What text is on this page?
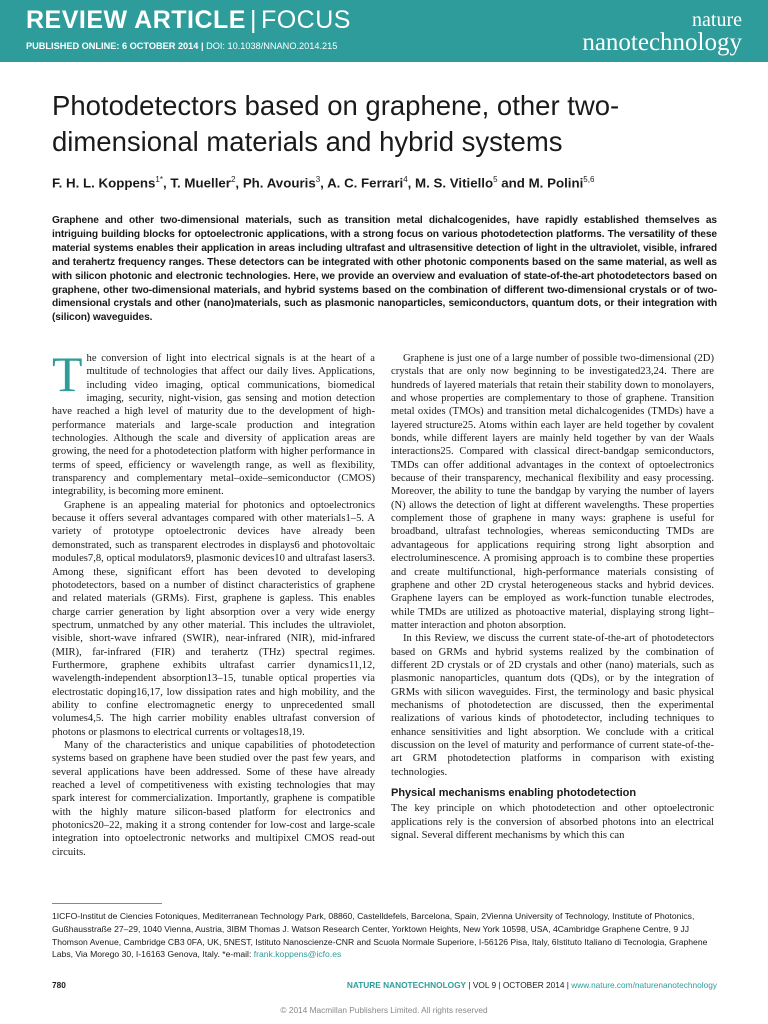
REVIEW ARTICLE | FOCUS
PUBLISHED ONLINE: 6 OCTOBER 2014 | DOI: 10.1038/NNANO.2014.215
nature
nanotechnology
Photodetectors based on graphene, other two-dimensional materials and hybrid systems
F. H. L. Koppens$^{1*}$, T. Mueller$^2$, Ph. Avouris$^3$, A. C. Ferrari$^4$, M. S. Vitiello$^5$ and M. Polini$^{5,6}$
Graphene and other two-dimensional materials, such as transition metal dichalcogenides, have rapidly established themselves as intriguing building blocks for optoelectronic applications, with a strong focus on various photodetection platforms. The versatility of these material systems enables their application in areas including ultrafast and ultrasensitive detection of light in the ultraviolet, visible, infrared and terahertz frequency ranges. These detectors can be integrated with other photonic components based on the same material, as well as with silicon photonic and electronic technologies. Here, we provide an overview and evaluation of state-of-the-art photodetectors based on graphene, other two-dimensional materials, and hybrid systems based on the combination of different two-dimensional crystals or of two-dimensional crystals and other (nano)materials, such as plasmonic nanoparticles, semiconductors, quantum dots, or their integration with (silicon) waveguides.

The conversion of light into electrical signals is at the heart of a multitude of technologies that affect our daily lives. Applications, including video imaging, optical communications, biomedical imaging, security, night-vision, gas sensing and motion detection have reached a high level of maturity due to the development of high-performance materials and large-scale production and integration technologies. Although the scale and diversity of application areas are growing, the need for a photodetection platform with higher performance in terms of speed, efficiency or wavelength range, as well as flexibility, transparency and complementary metal–oxide–semiconductor (CMOS) integrability, is becoming more eminent.

Graphene is an appealing material for photonics and optoelectronics because it offers several advantages compared with other materials1–5. A variety of prototype optoelectronic devices have already been demonstrated, such as transparent electrodes in displays6 and photovoltaic modules7,8, optical modulators9, plasmonic devices10 and ultrafast lasers3. Among these, significant effort has been devoted to developing photodetectors, based on a number of distinct characteristics of graphene and related materials (GRMs). First, graphene is gapless. This enables charge carrier generation by light absorption over a very wide energy spectrum, unmatched by any other material. This includes the ultraviolet, visible, short-wave infrared (SWIR), near-infrared (NIR), mid-infrared (MIR), far-infrared (FIR) and terahertz (THz) spectral regimes. Furthermore, graphene exhibits ultrafast carrier dynamics11,12, wavelength-independent absorption13–15, tunable optical properties via electrostatic doping16,17, low dissipation rates and high mobility, and the ability to confine electromagnetic energy to unprecedented small volumes4,5. The high carrier mobility enables ultrafast conversion of photons or plasmons to electrical currents or voltages18,19.

Many of the characteristics and unique capabilities of photodetection systems based on graphene have been studied over the past few years, and several applications have been addressed. Some of these have already reached a level of competitiveness with existing technologies that may spark interest for commercialization. Importantly, graphene is compatible with the highly mature silicon-based platform for electronics and photonics20–22, making it a strong contender for low-cost and large-scale integration into optoelectronic networks and multipixel CMOS read-out circuits.

Graphene is just one of a large number of possible two-dimensional (2D) crystals that are only now beginning to be investigated23,24. There are hundreds of layered materials that retain their stability down to monolayers, and whose properties are complementary to those of graphene. Transition metal oxides (TMOs) and transition metal dichalcogenides (TMDs) have a layered structure25. Atoms within each layer are held together by covalent bonds, while different layers are mainly held together by van der Waals interactions25. Compared with classical direct-bandgap semiconductors, TMDs can offer additional advantages in the context of optoelectronics because of their transparency, mechanical flexibility and easy processing. Moreover, the ability to tune the bandgap by varying the number of layers (N) allows the detection of light at different wavelengths. These properties complement those of graphene in many ways: graphene is useful for broadband, ultrafast technologies, whereas semiconducting TMDs are advantageous for applications requiring strong light absorption and electroluminescence. A promising approach is to combine these properties and create multifunctional, high-performance materials consisting of graphene and other 2D crystal heterogeneous stacks and hybrid devices. Graphene layers can be employed as work-function tunable electrodes, while TMDs are utilized as photoactive material, displaying strong light–matter interaction and photon absorption.

In this Review, we discuss the current state-of-the-art of photodetectors based on GRMs and hybrid systems realized by the combination of different 2D crystals or of 2D crystals and other (nano) materials, such as plasmonic nanoparticles, quantum dots (QDs), or by the integration of GRMs with silicon waveguides. First, the terminology and basic physical mechanisms of photodetection are discussed, then the experimental realizations of various kinds of photodetector, including techniques to enhance sensitivities and light absorption. We conclude with a critical discussion on the level of maturity and performance of current state-of-the-art GRM photodetection platforms in comparison with existing technologies.

Physical mechanisms enabling photodetection

The key principle on which photodetection and other optoelectronic applications rely is the conversion of absorbed photons into an electrical signal. Several different mechanisms by which this can

1ICFO-Institut de Ciencies Fotoniques, Mediterranean Technology Park, 08860, Castelldefels, Barcelona, Spain, 2Vienna University of Technology, Institute of Photonics, Gußhausstraße 27–29, 1040 Vienna, Austria, 3IBM Thomas J. Watson Research Center, Yorktown Heights, New York 10598, USA, 4Cambridge Graphene Centre, 9 JJ Thomson Avenue, Cambridge CB3 0FA, UK, 5NEST, Istituto Nanoscienze-CNR and Scuola Normale Superiore, I-56126 Pisa, Italy, 6Istituto Italiano di Tecnologia, Graphene Labs, Via Morego 30, I-16163 Genova, Italy. *e-mail: frank.koppens@icfo.es
780	NATURE NANOTECHNOLOGY | VOL 9 | OCTOBER 2014 | www.nature.com/naturenanotechnology
© 2014 Macmillan Publishers Limited. All rights reserved
